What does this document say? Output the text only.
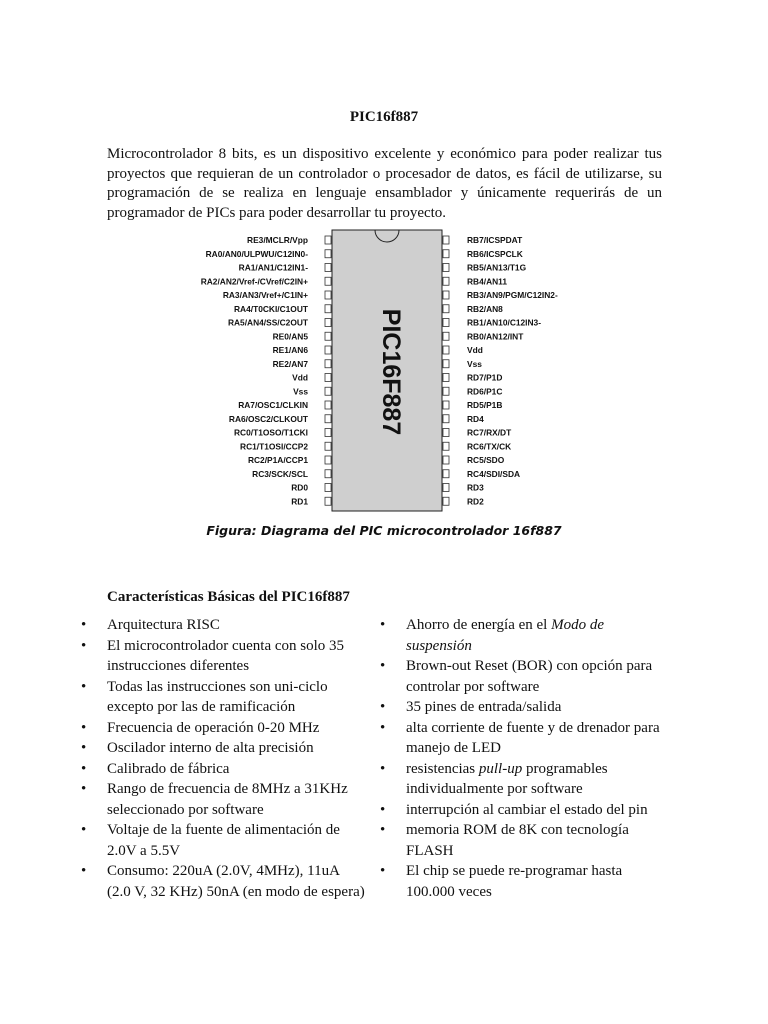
PIC16f887
Microcontrolador 8 bits, es un dispositivo excelente y económico para poder realizar tus proyectos que requieran de un controlador o procesador de datos, es fácil de utilizarse, su programación de se realiza en lenguaje ensamblador y únicamente requerirás de un programador de PICs para poder desarrollar tu proyecto.
PIC16F887
RE3/MCLR/Vpp
RA0/AN0/ULPWU/C12IN0-
RA1/AN1/C12IN1-
RA2/AN2/Vref-/CVref/C2IN+
RA3/AN3/Vref+/C1IN+
RA4/T0CKI/C1OUT
RA5/AN4/SS/C2OUT
RE0/AN5
RE1/AN6
RE2/AN7
Vdd
Vss
RA7/OSC1/CLKIN
RA6/OSC2/CLKOUT
RC0/T1OSO/T1CKI
RC1/T1OSI/CCP2
RC2/P1A/CCP1
RC3/SCK/SCL
RD0
RD1
RB7/ICSPDAT
RB6/ICSPCLK
RB5/AN13/T1G
RB4/AN11
RB3/AN9/PGM/C12IN2-
RB2/AN8
RB1/AN10/C12IN3-
RB0/AN12/INT
Vdd
Vss
RD7/P1D
RD6/P1C
RD5/P1B
RD4
RC7/RX/DT
RC6/TX/CK
RC5/SDO
RC4/SDI/SDA
RD3
RD2
Figura: Diagrama del PIC microcontrolador 16f887
Características Básicas del PIC16f887
• Arquitectura RISC
• El microcontrolador cuenta con solo 35 instrucciones diferentes
• Todas las instrucciones son uni-ciclo excepto por las de ramificación
• Frecuencia de operación 0-20 MHz
• Oscilador interno de alta precisión
• Calibrado de fábrica
• Rango de frecuencia de 8MHz a 31KHz seleccionado por software
• Voltaje de la fuente de alimentación de 2.0V a 5.5V
• Consumo: 220uA (2.0V, 4MHz), 11uA (2.0 V, 32 KHz) 50nA (en modo de espera)
• Ahorro de energía en el Modo de suspensión
• Brown-out Reset (BOR) con opción para controlar por software
• 35 pines de entrada/salida
• alta corriente de fuente y de drenador para manejo de LED
• resistencias pull-up programables individualmente por software
• interrupción al cambiar el estado del pin
• memoria ROM de 8K con tecnología FLASH
• El chip se puede re-programar hasta 100.000 veces
